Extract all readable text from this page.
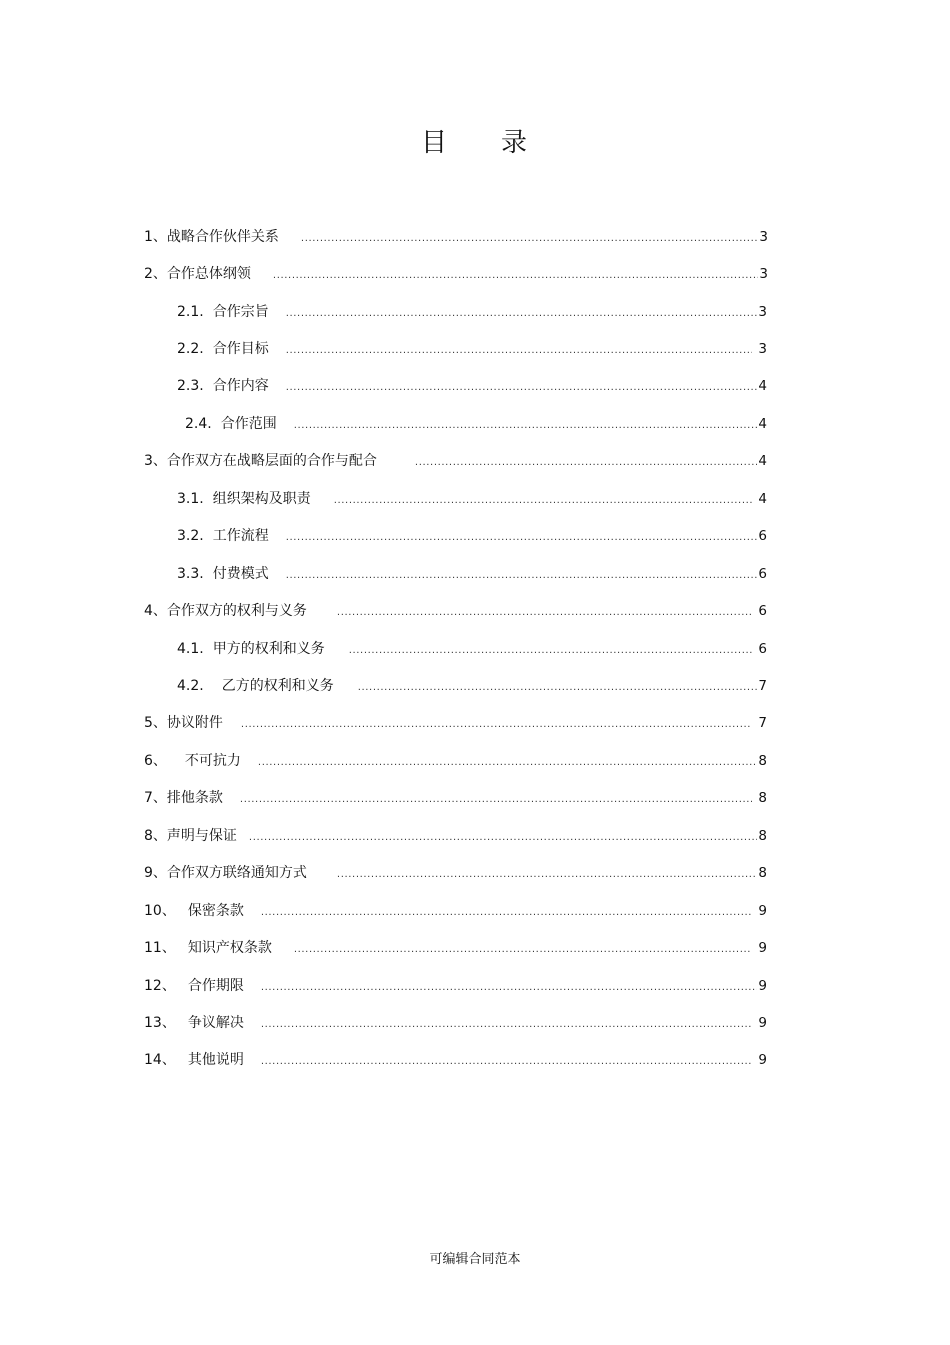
目 录
1、 战略合作伙伴关系 .....	3
2、 合作总体纲领 .....	3
2.1. 合作宗旨 .....	3
2.2. 合作目标 .....	3
2.3. 合作内容 .....	4
2.4. 合作范围 .....	4
3、 合作双方在战略层面的合作与配合 .....	4
3.1. 组织架构及职责 .....	4
3.2. 工作流程 .....	6
3.3. 付费模式 .....	6
4、 合作双方的权利与义务 .....	6
4.1. 甲方的权利和义务 .....	6
4.2. 乙方的权利和义务 .....	7
5、 协议附件 .....	7
6、 不可抗力 .....	8
7、 排他条款 .....	8
8、 声明与保证 .....	8
9、 合作双方联络通知方式 .....	8
10、 保密条款 .....	9
11、 知识产权条款 .....	9
12、 合作期限 .....	9
13、 争议解决 .....	9
14、 其他说明 .....	9
可编辑合同范本
